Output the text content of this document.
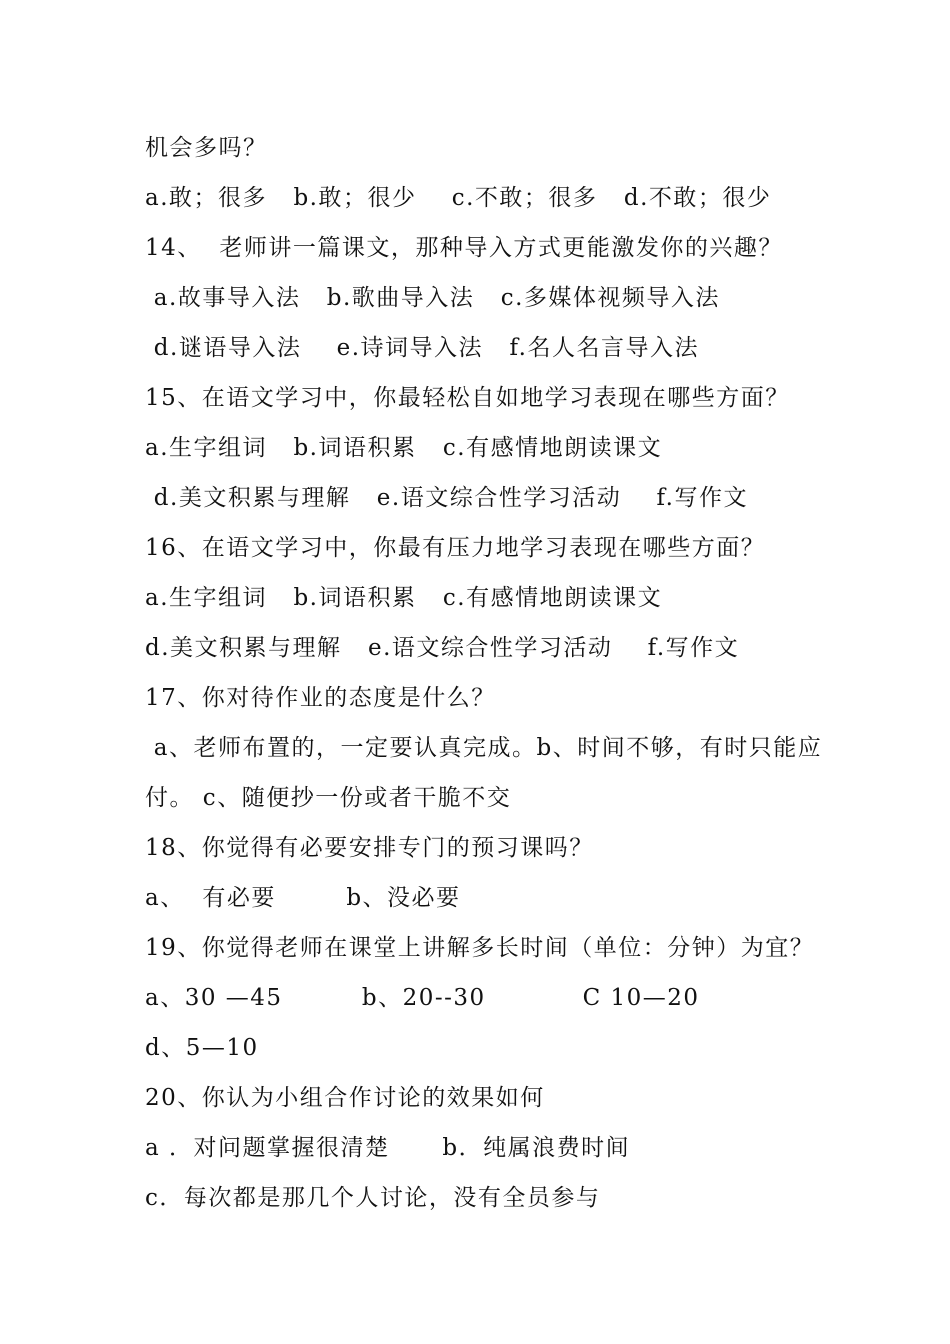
机会多吗？
a.敢；很多   b.敢；很少    c.不敢；很多   d.不敢；很少
14、  老师讲一篇课文，那种导入方式更能激发你的兴趣？
a.故事导入法   b.歌曲导入法   c.多媒体视频导入法
d.谜语导入法    e.诗词导入法   f.名人名言导入法
15、在语文学习中，你最轻松自如地学习表现在哪些方面？
a.生字组词   b.词语积累   c.有感情地朗读课文
d.美文积累与理解   e.语文综合性学习活动    f.写作文
16、在语文学习中，你最有压力地学习表现在哪些方面？
a.生字组词   b.词语积累   c.有感情地朗读课文
d.美文积累与理解   e.语文综合性学习活动    f.写作文
17、你对待作业的态度是什么？
a、老师布置的，一定要认真完成。b、时间不够，有时只能应
付。 c、随便抄一份或者干脆不交
18、你觉得有必要安排专门的预习课吗？
a、  有必要        b、没必要
19、你觉得老师在课堂上讲解多长时间（单位：分钟）为宜？
a、30 —45         b、20--30           C 10—20
d、5—10
20、你认为小组合作讨论的效果如何
a ．对问题掌握很清楚      b．纯属浪费时间
c．每次都是那几个人讨论，没有全员参与
